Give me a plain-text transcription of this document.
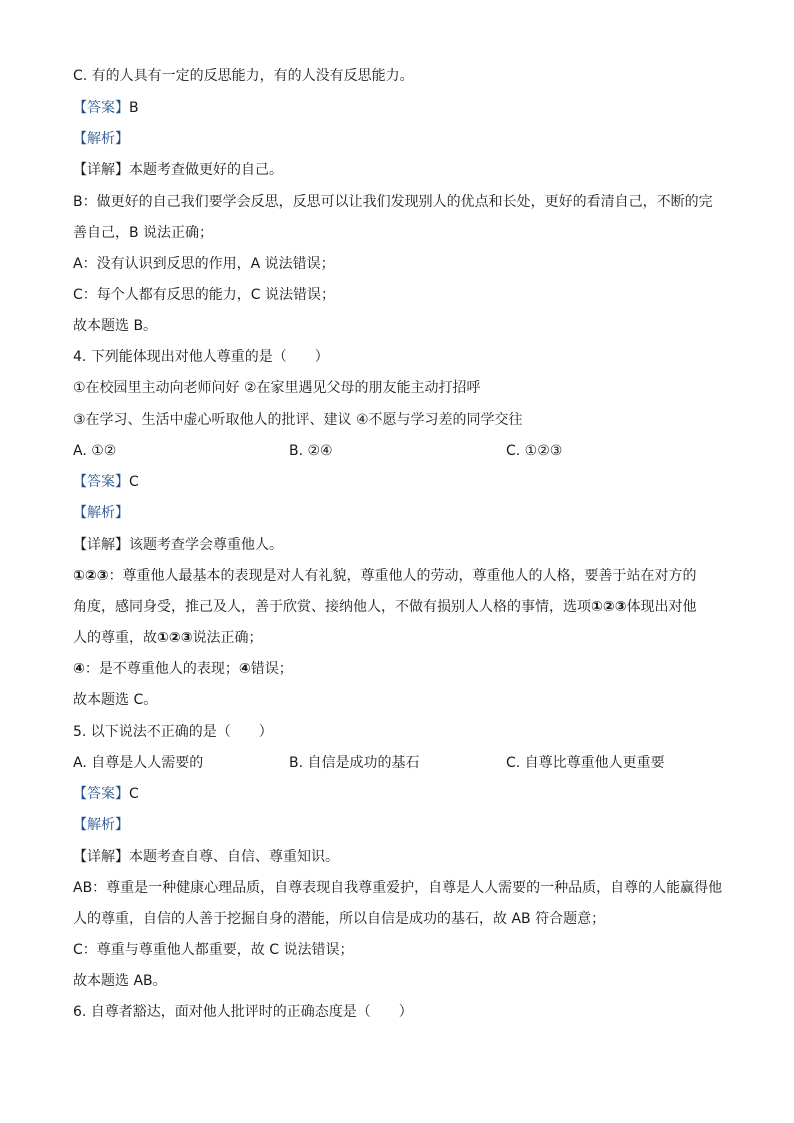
C. 有的人具有一定的反思能力，有的人没有反思能力。
【答案】B
【解析】
【详解】本题考查做更好的自己。
B：做更好的自己我们要学会反思，反思可以让我们发现别人的优点和长处，更好的看清自己，不断的完
善自己，B 说法正确；
A：没有认识到反思的作用，A 说法错误；
C：每个人都有反思的能力，C 说法错误；
故本题选 B。
4. 下列能体现出对他人尊重的是（　　）
①在校园里主动向老师问好 ②在家里遇见父母的朋友能主动打招呼
③在学习、生活中虚心听取他人的批评、建议 ④不愿与学习差的同学交往
A. ①②	B. ②④	C. ①②③
【答案】C
【解析】
【详解】该题考查学会尊重他人。
①②③：尊重他人最基本的表现是对人有礼貌，尊重他人的劳动，尊重他人的人格，要善于站在对方的
角度，感同身受，推己及人，善于欣赏、接纳他人，不做有损别人人格的事情，选项①②③体现出对他
人的尊重，故①②③说法正确；
④：是不尊重他人的表现；④错误；
故本题选 C。
5. 以下说法不正确的是（　　）
A. 自尊是人人需要的	B. 自信是成功的基石	C. 自尊比尊重他人更重要
【答案】C
【解析】
【详解】本题考查自尊、自信、尊重知识。
AB：尊重是一种健康心理品质，自尊表现自我尊重爱护，自尊是人人需要的一种品质，自尊的人能赢得他
人的尊重，自信的人善于挖掘自身的潜能，所以自信是成功的基石，故 AB 符合题意；
C：尊重与尊重他人都重要，故 C 说法错误；
故本题选 AB。
6. 自尊者豁达，面对他人批评时的正确态度是（　　）
